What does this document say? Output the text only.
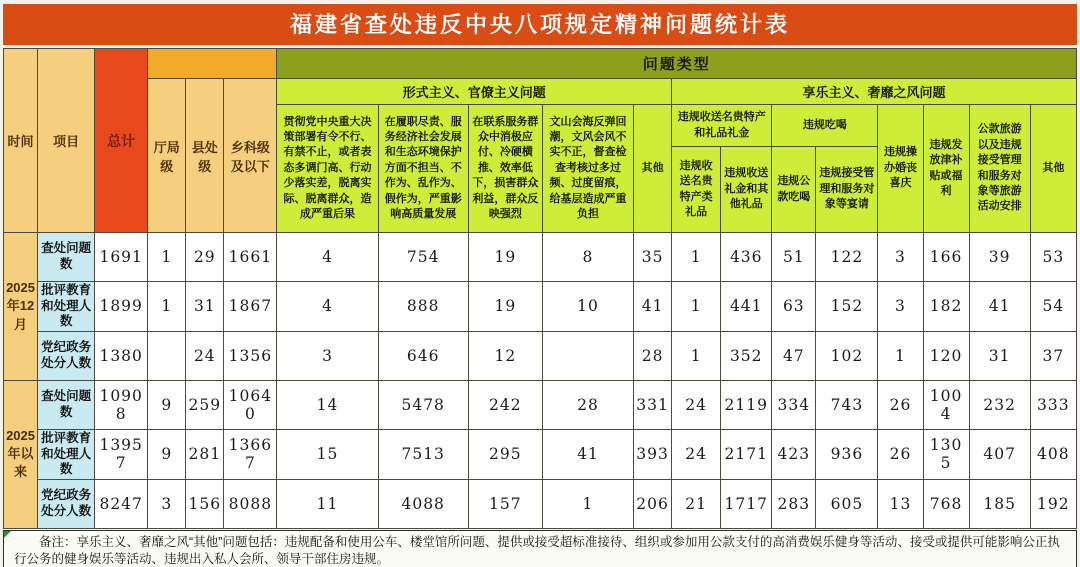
福建省查处违反中央八项规定精神问题统计表
时间	项目	总计				问题类型												
			厅局级	县处级	乡科级及以下	形式主义、官僚主义问题					享乐主义、奢靡之风问题							
						贯彻党中央重大决策部署有令不行、有禁不止，或者表态多调门高、行动少落实差，脱离实际、脱离群众，造成严重后果	在履职尽责、服务经济社会发展和生态环境保护方面不担当、不作为、乱作为、假作为，严重影响高质量发展	在联系服务群众中消极应付、冷硬横推、效率低下，损害群众利益，群众反映强烈	文山会海反弹回潮，文风会风不实不正，督查检查考核过多过频、过度留痕，给基层造成严重负担	其他	违规收送名贵特产和礼品礼金		违规吃喝		违规操办婚丧喜庆	违规发放津补贴或福利	公款旅游以及违规接受管理和服务对象等旅游活动安排	其他
											违规收送名贵特产类礼品	违规收送礼金和其他礼品	违规公款吃喝	违规接受管理和服务对象等宴请				
2025年12月	查处问题数	1691	1	29	1661	4	754	19	8	35	1	436	51	122	3	166	39	53
	批评教育和处理人数	1899	1	31	1867	4	888	19	10	41	1	441	63	152	3	182	41	54
	党纪政务处分人数	1380		24	1356	3	646	12		28	1	352	47	102	1	120	31	37
2025年以来	查处问题数	10908	9	259	10640	14	5478	242	28	331	24	2119	334	743	26	1004	232	333
	批评教育和处理人数	13957	9	281	13667	15	7513	295	41	393	24	2171	423	936	26	1305	407	408
	党纪政务处分人数	8247	3	156	8088	11	4088	157	1	206	21	1717	283	605	13	768	185	192
备注：享乐主义、奢靡之风“其他”问题包括：违规配备和使用公车、楼堂馆所问题、提供或接受超标准接待、组织或参加用公款支付的高消费娱乐健身等活动、接受或提供可能影响公正执行公务的健身娱乐等活动、违规出入私人会所、领导干部住房违规。
